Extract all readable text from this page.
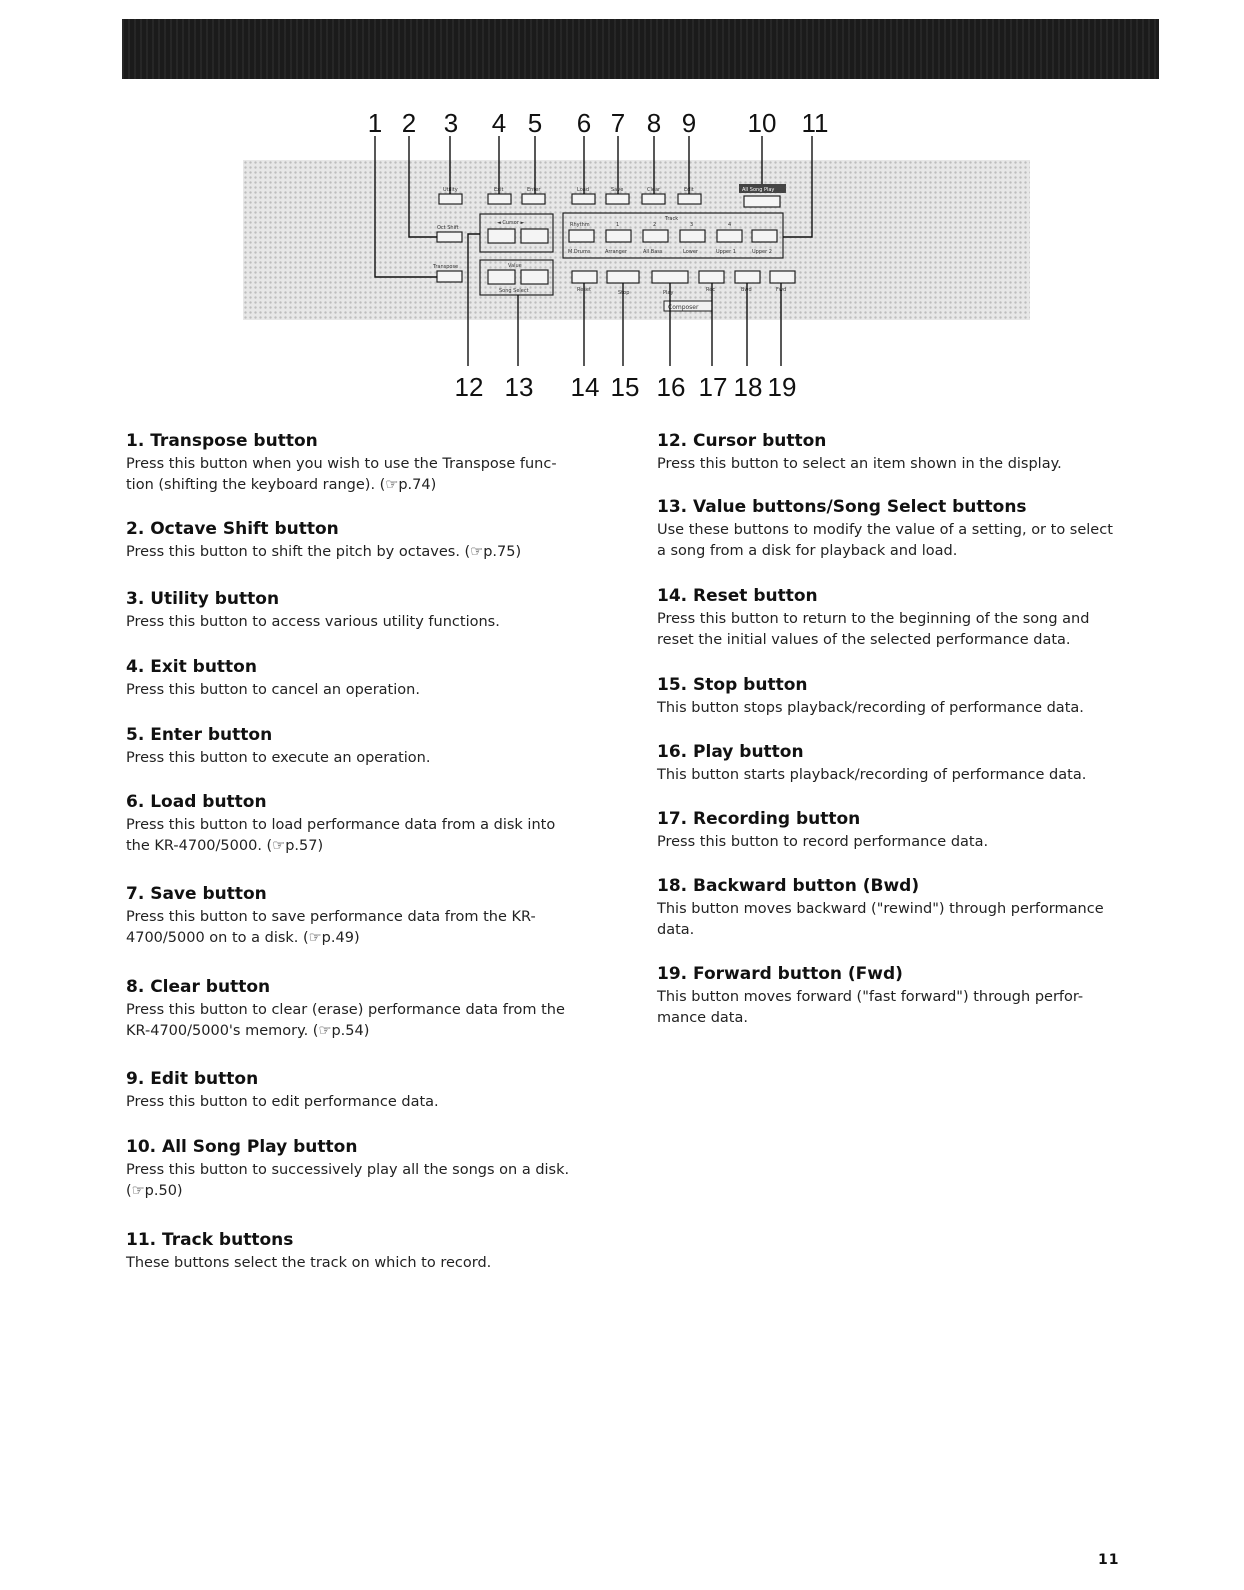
1 2 3 4 5 6 7 8 9 10 11
Utility	Exit	Enter	Load	Save	Clear	Edit	All Song Play
Oct Shift
◄ Cursor ►
Track
Rhythm	1	2	3	4
M.Drums	Arranger	All Bass	Lower	Upper 1	Upper 2
Transpose	Value
Song Select	Reset	Stop	Play	Rec	Bwd	Fwd
Composer
12 13 14 15 16 17 18 19
1. Transpose button

Press this button when you wish to use the Transpose func-
tion (shifting the keyboard range). (☞p.74)

2. Octave Shift button

Press this button to shift the pitch by octaves. (☞p.75)

3. Utility button

Press this button to access various utility functions.

4. Exit button

Press this button to cancel an operation.

5. Enter button

Press this button to execute an operation.

6. Load button

Press this button to load performance data from a disk into
the KR-4700/5000. (☞p.57)

7. Save button

Press this button to save performance data from the KR-
4700/5000 on to a disk. (☞p.49)

8. Clear button

Press this button to clear (erase) performance data from the
KR-4700/5000's memory. (☞p.54)

9. Edit button

Press this button to edit performance data.

10. All Song Play button

Press this button to successively play all the songs on a disk.
(☞p.50)

11. Track buttons

These buttons select the track on which to record.

12. Cursor button

Press this button to select an item shown in the display.

13. Value buttons/Song Select buttons

Use these buttons to modify the value of a setting, or to select
a song from a disk for playback and load.

14. Reset button

Press this button to return to the beginning of the song and
reset the initial values of the selected performance data.

15. Stop button

This button stops playback/recording of performance data.

16. Play button

This button starts playback/recording of performance data.

17. Recording button

Press this button to record performance data.

18. Backward button (Bwd)

This button moves backward ("rewind") through performance
data.

19. Forward button (Fwd)

This button moves forward ("fast forward") through perfor-
mance data.

11
